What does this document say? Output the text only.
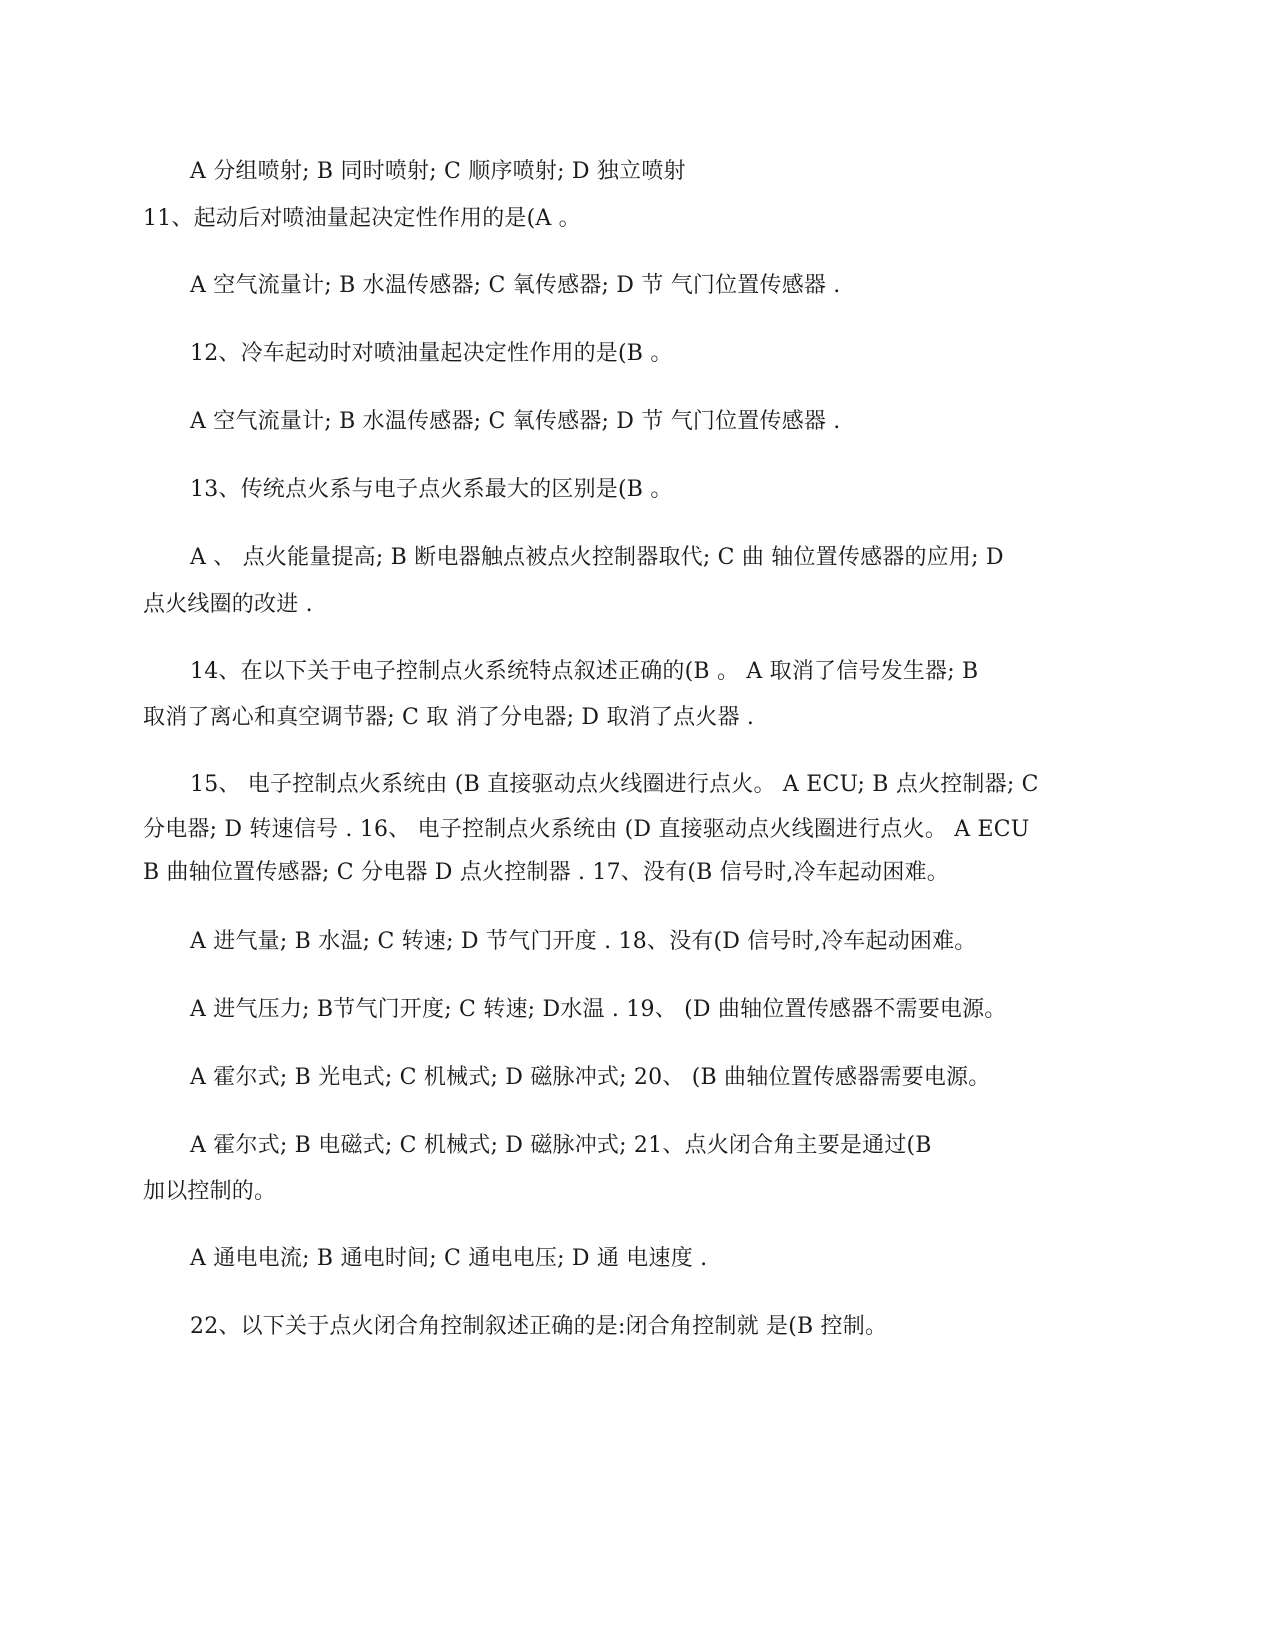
A 分组喷射; B 同时喷射; C 顺序喷射; D 独立喷射
11、起动后对喷油量起决定性作用的是(A 。
A 空气流量计; B 水温传感器; C 氧传感器; D 节 气门位置传感器 .
12、冷车起动时对喷油量起决定性作用的是(B 。
A 空气流量计; B 水温传感器; C 氧传感器; D 节 气门位置传感器 .
13、传统点火系与电子点火系最大的区别是(B 。
A 、 点火能量提高; B 断电器触点被点火控制器取代; C 曲 轴位置传感器的应用; D
点火线圈的改进 .
14、在以下关于电子控制点火系统特点叙述正确的(B 。 A 取消了信号发生器; B
取消了离心和真空调节器; C 取 消了分电器; D 取消了点火器 .
15、 电子控制点火系统由 (B 直接驱动点火线圈进行点火。 A ECU; B 点火控制器; C
分电器; D 转速信号 . 16、 电子控制点火系统由 (D 直接驱动点火线圈进行点火。 A ECU
B 曲轴位置传感器; C 分电器 D 点火控制器 . 17、没有(B 信号时,冷车起动困难。
A 进气量; B 水温; C 转速; D 节气门开度 . 18、没有(D 信号时,冷车起动困难。
A 进气压力; B节气门开度; C 转速; D水温 . 19、 (D 曲轴位置传感器不需要电源。
A 霍尔式; B 光电式; C 机械式; D 磁脉冲式; 20、 (B 曲轴位置传感器需要电源。
A 霍尔式; B 电磁式; C 机械式; D 磁脉冲式; 21、点火闭合角主要是通过(B
加以控制的。
A 通电电流; B 通电时间; C 通电电压; D 通 电速度 .
22、以下关于点火闭合角控制叙述正确的是:闭合角控制就 是(B 控制。
